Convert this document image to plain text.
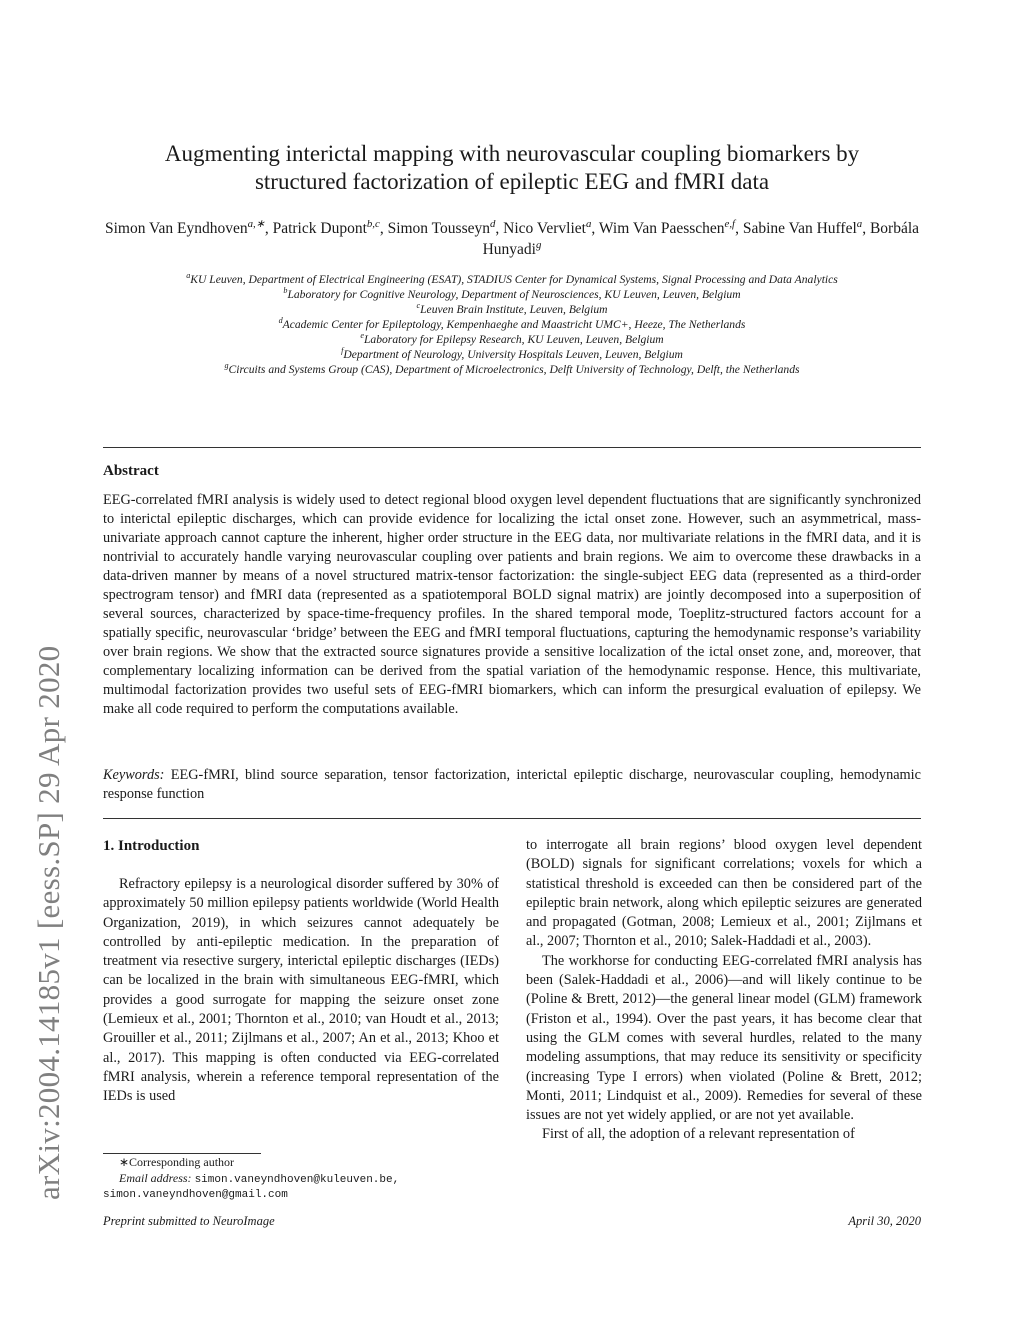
arXiv:2004.14185v1 [eess.SP] 29 Apr 2020
Augmenting interictal mapping with neurovascular coupling biomarkers by
structured factorization of epileptic EEG and fMRI data
Simon Van Eyndhoven$^{a,∗}$, Patrick Dupont$^{b,c}$, Simon Tousseyn$^d$, Nico Vervliet$^a$, Wim Van Paesschen$^{e,f}$, Sabine Van Huffel$^a$, Borbála Hunyadi$^g$
$^a$KU Leuven, Department of Electrical Engineering (ESAT), STADIUS Center for Dynamical Systems, Signal Processing and Data Analytics
$^b$Laboratory for Cognitive Neurology, Department of Neurosciences, KU Leuven, Leuven, Belgium
$^c$Leuven Brain Institute, Leuven, Belgium
$^d$Academic Center for Epileptology, Kempenhaeghe and Maastricht UMC+, Heeze, The Netherlands
$^e$Laboratory for Epilepsy Research, KU Leuven, Leuven, Belgium
$^f$Department of Neurology, University Hospitals Leuven, Leuven, Belgium
$^g$Circuits and Systems Group (CAS), Department of Microelectronics, Delft University of Technology, Delft, the Netherlands
Abstract
EEG-correlated fMRI analysis is widely used to detect regional blood oxygen level dependent fluctuations that are significantly synchronized to interictal epileptic discharges, which can provide evidence for localizing the ictal onset zone. However, such an asymmetrical, mass-univariate approach cannot capture the inherent, higher order structure in the EEG data, nor multivariate relations in the fMRI data, and it is nontrivial to accurately handle varying neurovascular coupling over patients and brain regions. We aim to overcome these drawbacks in a data-driven manner by means of a novel structured matrix-tensor factorization: the single-subject EEG data (represented as a third-order spectrogram tensor) and fMRI data (represented as a spatiotemporal BOLD signal matrix) are jointly decomposed into a superposition of several sources, characterized by space-time-frequency profiles. In the shared temporal mode, Toeplitz-structured factors account for a spatially specific, neurovascular ‘bridge’ between the EEG and fMRI temporal fluctuations, capturing the hemodynamic response’s variability over brain regions. We show that the extracted source signatures provide a sensitive localization of the ictal onset zone, and, moreover, that complementary localizing information can be derived from the spatial variation of the hemodynamic response. Hence, this multivariate, multimodal factorization provides two useful sets of EEG-fMRI biomarkers, which can inform the presurgical evaluation of epilepsy. We make all code required to perform the computations available.
Keywords: EEG-fMRI, blind source separation, tensor factorization, interictal epileptic discharge, neurovascular coupling, hemodynamic response function
1. Introduction

Refractory epilepsy is a neurological disorder suffered by 30% of approximately 50 million epilepsy patients worldwide (World Health Organization, 2019), in which seizures cannot adequately be controlled by anti-epileptic medication. In the preparation of treatment via resective surgery, interictal epileptic discharges (IEDs) can be localized in the brain with simultaneous EEG-fMRI, which provides a good surrogate for mapping the seizure onset zone (Lemieux et al., 2001; Thornton et al., 2010; van Houdt et al., 2013; Grouiller et al., 2011; Zijlmans et al., 2007; An et al., 2013; Khoo et al., 2017). This mapping is often conducted via EEG-correlated fMRI analysis, wherein a reference temporal representation of the IEDs is used

to interrogate all brain regions’ blood oxygen level dependent (BOLD) signals for significant correlations; voxels for which a statistical threshold is exceeded can then be considered part of the epileptic brain network, along which epileptic seizures are generated and propagated (Gotman, 2008; Lemieux et al., 2001; Zijlmans et al., 2007; Thornton et al., 2010; Salek-Haddadi et al., 2003).

The workhorse for conducting EEG-correlated fMRI analysis has been (Salek-Haddadi et al., 2006)—and will likely continue to be (Poline & Brett, 2012)—the general linear model (GLM) framework (Friston et al., 1994). Over the past years, it has become clear that using the GLM comes with several hurdles, related to the many modeling assumptions, that may reduce its sensitivity or specificity (increasing Type I errors) when violated (Poline & Brett, 2012; Monti, 2011; Lindquist et al., 2009). Remedies for several of these issues are not yet widely applied, or are not yet available.

First of all, the adoption of a relevant representation of

∗Corresponding author
Email address: simon.vaneyndhoven@kuleuven.be,
simon.vaneyndhoven@gmail.com
Preprint submitted to NeuroImage	April 30, 2020
